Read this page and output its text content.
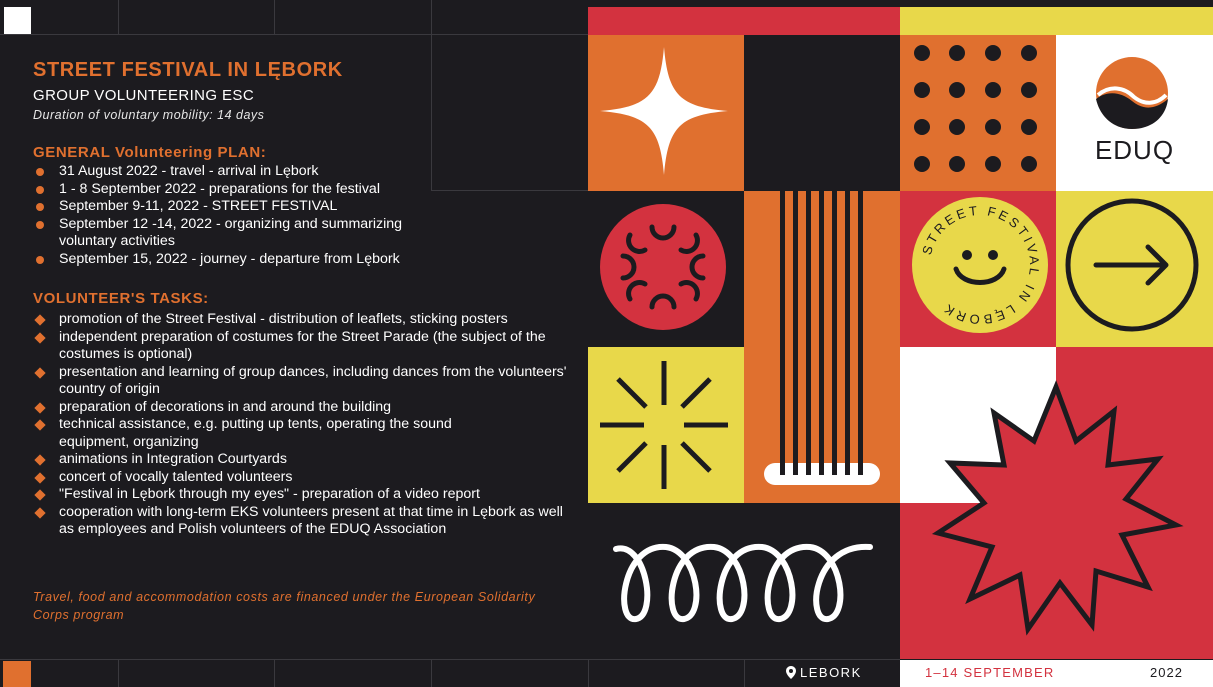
STREET FESTIVAL IN LĘBORK
GROUP VOLUNTEERING ESC
Duration of voluntary mobility: 14 days
GENERAL Volunteering PLAN:
31 August 2022 - travel - arrival in Lębork
1 - 8 September 2022 - preparations for the festival
September 9-11, 2022 - STREET FESTIVAL
September 12 -14, 2022 - organizing and summarizing voluntary activities
September 15, 2022 - journey - departure from Lębork
VOLUNTEER'S TASKS:
promotion of the Street Festival - distribution of leaflets, sticking posters
independent preparation of costumes for the Street Parade (the subject of the costumes is optional)
presentation and learning of group dances, including dances from the volunteers' country of origin
preparation of decorations in and around the building
technical assistance, e.g. putting up tents, operating the sound equipment, organizing
animations in Integration Courtyards
concert of vocally talented volunteers
"Festival in Lębork through my eyes" - preparation of a video report
cooperation with long-term EKS volunteers present at that time in Lębork as well as employees and Polish volunteers of the EDUQ Association
Travel, food and accommodation costs are financed under the European Solidarity Corps program
EDUQ
STREET FESTIVAL IN LĘBORK
LEBORK	1–14 SEPTEMBER	2022
